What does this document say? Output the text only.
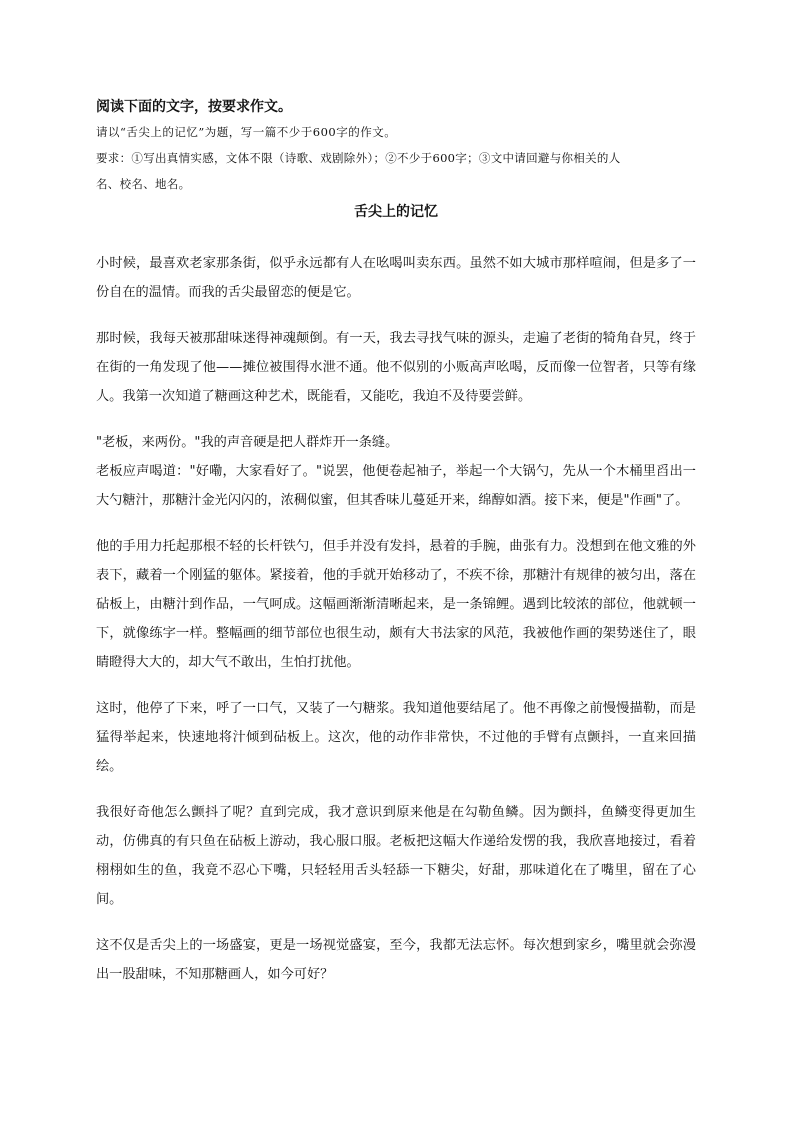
阅读下面的文字，按要求作文。

请以“舌尖上的记忆”为题，写一篇不少于600字的作文。

要求：①写出真情实感，文体不限（诗歌、戏剧除外）；②不少于600字；③文中请回避与你相关的人

名、校名、地名。

舌尖上的记忆

小时候，最喜欢老家那条街，似乎永远都有人在吆喝叫卖东西。虽然不如大城市那样喧闹，但是多了一份自在的温情。而我的舌尖最留恋的便是它。

那时候，我每天被那甜味迷得神魂颠倒。有一天，我去寻找气味的源头，走遍了老街的犄角旮旯，终于在街的一角发现了他——摊位被围得水泄不通。他不似别的小贩高声吆喝，反而像一位智者，只等有缘人。我第一次知道了糖画这种艺术，既能看，又能吃，我迫不及待要尝鲜。

"老板，来两份。"我的声音硬是把人群炸开一条缝。

老板应声喝道："好嘞，大家看好了。"说罢，他便卷起袖子，举起一个大锅勺，先从一个木桶里舀出一大勺糖汁，那糖汁金光闪闪的，浓稠似蜜，但其香味儿蔓延开来，绵醇如酒。接下来，便是"作画"了。

他的手用力托起那根不轻的长杆铁勺，但手并没有发抖，悬着的手腕，曲张有力。没想到在他文雅的外表下，藏着一个刚猛的躯体。紧接着，他的手就开始移动了，不疾不徐，那糖汁有规律的被匀出，落在砧板上，由糖汁到作品，一气呵成。这幅画渐渐清晰起来，是一条锦鲤。遇到比较浓的部位，他就顿一下，就像练字一样。整幅画的细节部位也很生动，颇有大书法家的风范，我被他作画的架势迷住了，眼睛瞪得大大的，却大气不敢出，生怕打扰他。

这时，他停了下来，呼了一口气，又装了一勺糖浆。我知道他要结尾了。他不再像之前慢慢描勒，而是猛得举起来，快速地将汁倾到砧板上。这次，他的动作非常快，不过他的手臂有点颤抖，一直来回描绘。

我很好奇他怎么颤抖了呢？直到完成，我才意识到原来他是在勾勒鱼鳞。因为颤抖，鱼鳞变得更加生动，仿佛真的有只鱼在砧板上游动，我心服口服。老板把这幅大作递给发愣的我，我欣喜地接过，看着栩栩如生的鱼，我竟不忍心下嘴，只轻轻用舌头轻舔一下糖尖，好甜，那味道化在了嘴里，留在了心间。

这不仅是舌尖上的一场盛宴，更是一场视觉盛宴，至今，我都无法忘怀。每次想到家乡，嘴里就会弥漫出一股甜味，不知那糖画人，如今可好？
